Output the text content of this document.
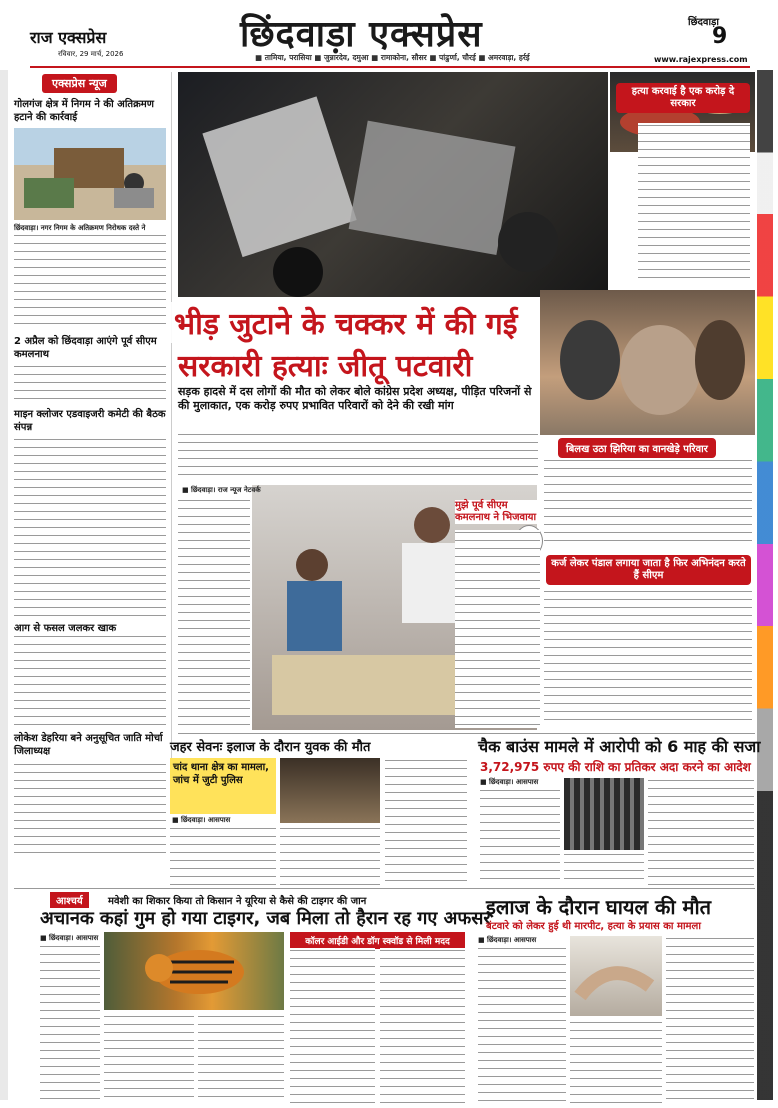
राज एक्सप्रेस
रविवार, 29 मार्च, 2026	छिंदवाड़ा एक्सप्रेस
■ तामिया, परासिया ■ जुन्नारदेव, दमुआ ■ रामाकोना, सौसर ■ पांढुर्णा, चौरई ■ अमरवाड़ा, हर्रई
छिंदवाड़ा
9
www.rajexpress.com
एक्सप्रेस न्यूज
गोलगंज क्षेत्र में निगम ने की अतिक्रमण हटाने की कार्रवाई
छिंदवाड़ा। नगर निगम के अतिक्रमण निरोधक दस्ते ने
2 अप्रैल को छिंदवाड़ा आएंगे पूर्व सीएम कमलनाथ
माइन क्लोजर एडवाइजरी कमेटी की बैठक संपन्न
आग से फसल जलकर खाक
लोकेश डेहरिया बने अनुसूचित जाति मोर्चा जिलाध्यक्ष
हत्या करवाई है एक करोड़ दे सरकार
भीड़ जुटाने के चक्कर में की गई
सरकारी हत्याः जीतू पटवारी
सड़क हादसे में दस लोगों की मौत को लेकर बोले कांग्रेस प्रदेश अध्यक्ष, पीड़ित परिजनों से की मुलाकात, एक करोड़ रुपए प्रभावित परिवारों को देने की रखी मांग
■ छिंदवाड़ा। राज न्यूज नेटवर्क
मुझे पूर्व सीएम कमलनाथ ने भिजवाया
बिलख उठा झिरिया का वानखेड़े परिवार
कर्ज लेकर पंडाल लगाया जाता है फिर अभिनंदन करते हैं सीएम
जहर सेवनः इलाज के दौरान युवक की मौत
चांद थाना क्षेत्र का मामला, जांच में जुटी पुलिस
■ छिंदवाड़ा। आसपास
चैक बाउंस मामले में आरोपी को 6 माह की सजा
3,72,975 रुपए की राशि का प्रतिकर अदा करने का आदेश
■ छिंदवाड़ा। आसपास
आश्चर्य	मवेशी का शिकार किया तो किसान ने यूरिया से कैसे की टाइगर की जान
अचानक कहां गुम हो गया टाइगर, जब मिला तो हैरान रह गए अफसर
■ छिंदवाड़ा। आसपास	कॉलर आईडी और डॉग स्क्वॉड से मिली मदद
इलाज के दौरान घायल की मौत
बंटवारे को लेकर हुई थी मारपीट, हत्या के प्रयास का मामला
■ छिंदवाड़ा। आसपास
